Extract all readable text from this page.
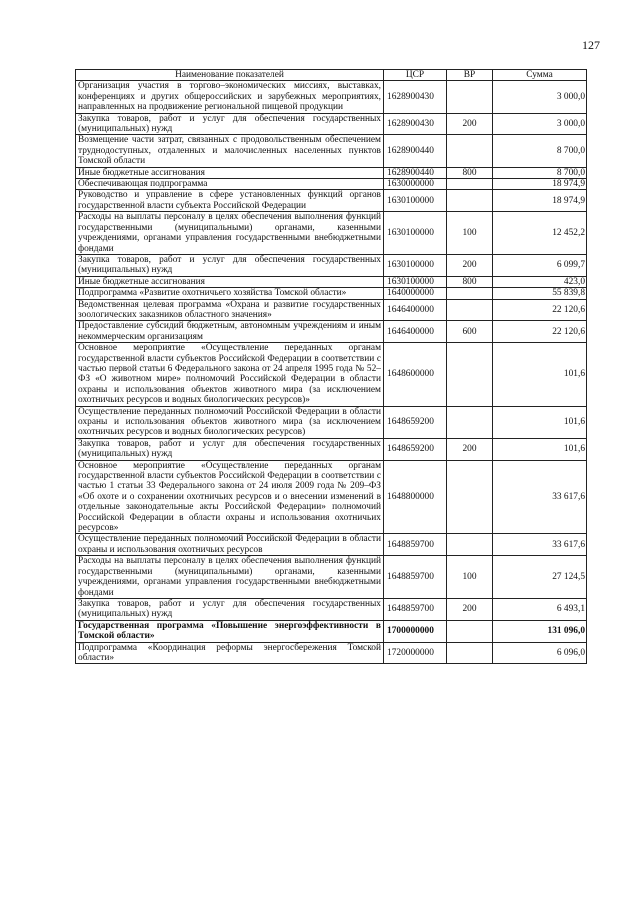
127
Наименование показателей	ЦСР	ВР	Сумма
Организация участия в торгово–экономических миссиях, выставках, конференциях и других общероссийских и зарубежных мероприятиях, направленных на продвижение региональной пищевой продукции	1628900430		3 000,0
Закупка товаров, работ и услуг для обеспечения государственных (муниципальных) нужд	1628900430	200	3 000,0
Возмещение части затрат, связанных с продовольственным обеспечением труднодоступных, отдаленных и малочисленных населенных пунктов Томской области	1628900440		8 700,0
Иные бюджетные ассигнования	1628900440	800	8 700,0
Обеспечивающая подпрограмма	1630000000		18 974,9
Руководство и управление в сфере установленных функций органов государственной власти субъекта Российской Федерации	1630100000		18 974,9
Расходы на выплаты персоналу в целях обеспечения выполнения функций государственными (муниципальными) органами, казенными учреждениями, органами управления государственными внебюджетными фондами	1630100000	100	12 452,2
Закупка товаров, работ и услуг для обеспечения государственных (муниципальных) нужд	1630100000	200	6 099,7
Иные бюджетные ассигнования	1630100000	800	423,0
Подпрограмма «Развитие охотничьего хозяйства Томской области»	1640000000		55 839,8
Ведомственная целевая программа «Охрана и развитие государственных зоологических заказников областного значения»	1646400000		22 120,6
Предоставление субсидий бюджетным, автономным учреждениям и иным некоммерческим организациям	1646400000	600	22 120,6
Основное мероприятие «Осуществление переданных органам государственной власти субъектов Российской Федерации в соответствии с частью первой статьи 6 Федерального закона от 24 апреля 1995 года № 52–ФЗ «О животном мире» полномочий Российской Федерации в области охраны и использования объектов животного мира (за исключением охотничьих ресурсов и водных биологических ресурсов)»	1648600000		101,6
Осуществление переданных полномочий Российской Федерации в области охраны и использования объектов животного мира (за исключением охотничьих ресурсов и водных биологических ресурсов)	1648659200		101,6
Закупка товаров, работ и услуг для обеспечения государственных (муниципальных) нужд	1648659200	200	101,6
Основное мероприятие «Осуществление переданных органам государственной власти субъектов Российской Федерации в соответствии с частью 1 статьи 33 Федерального закона от 24 июля 2009 года № 209–ФЗ «Об охоте и о сохранении охотничьих ресурсов и о внесении изменений в отдельные законодательные акты Российской Федерации» полномочий Российской Федерации в области охраны и использования охотничьих ресурсов»	1648800000		33 617,6
Осуществление переданных полномочий Российской Федерации в области охраны и использования охотничьих ресурсов	1648859700		33 617,6
Расходы на выплаты персоналу в целях обеспечения выполнения функций государственными (муниципальными) органами, казенными учреждениями, органами управления государственными внебюджетными фондами	1648859700	100	27 124,5
Закупка товаров, работ и услуг для обеспечения государственных (муниципальных) нужд	1648859700	200	6 493,1
Государственная программа «Повышение энергоэффективности в Томской области»	1700000000		131 096,0
Подпрограмма «Координация реформы энергосбережения Томской области»	1720000000		6 096,0
